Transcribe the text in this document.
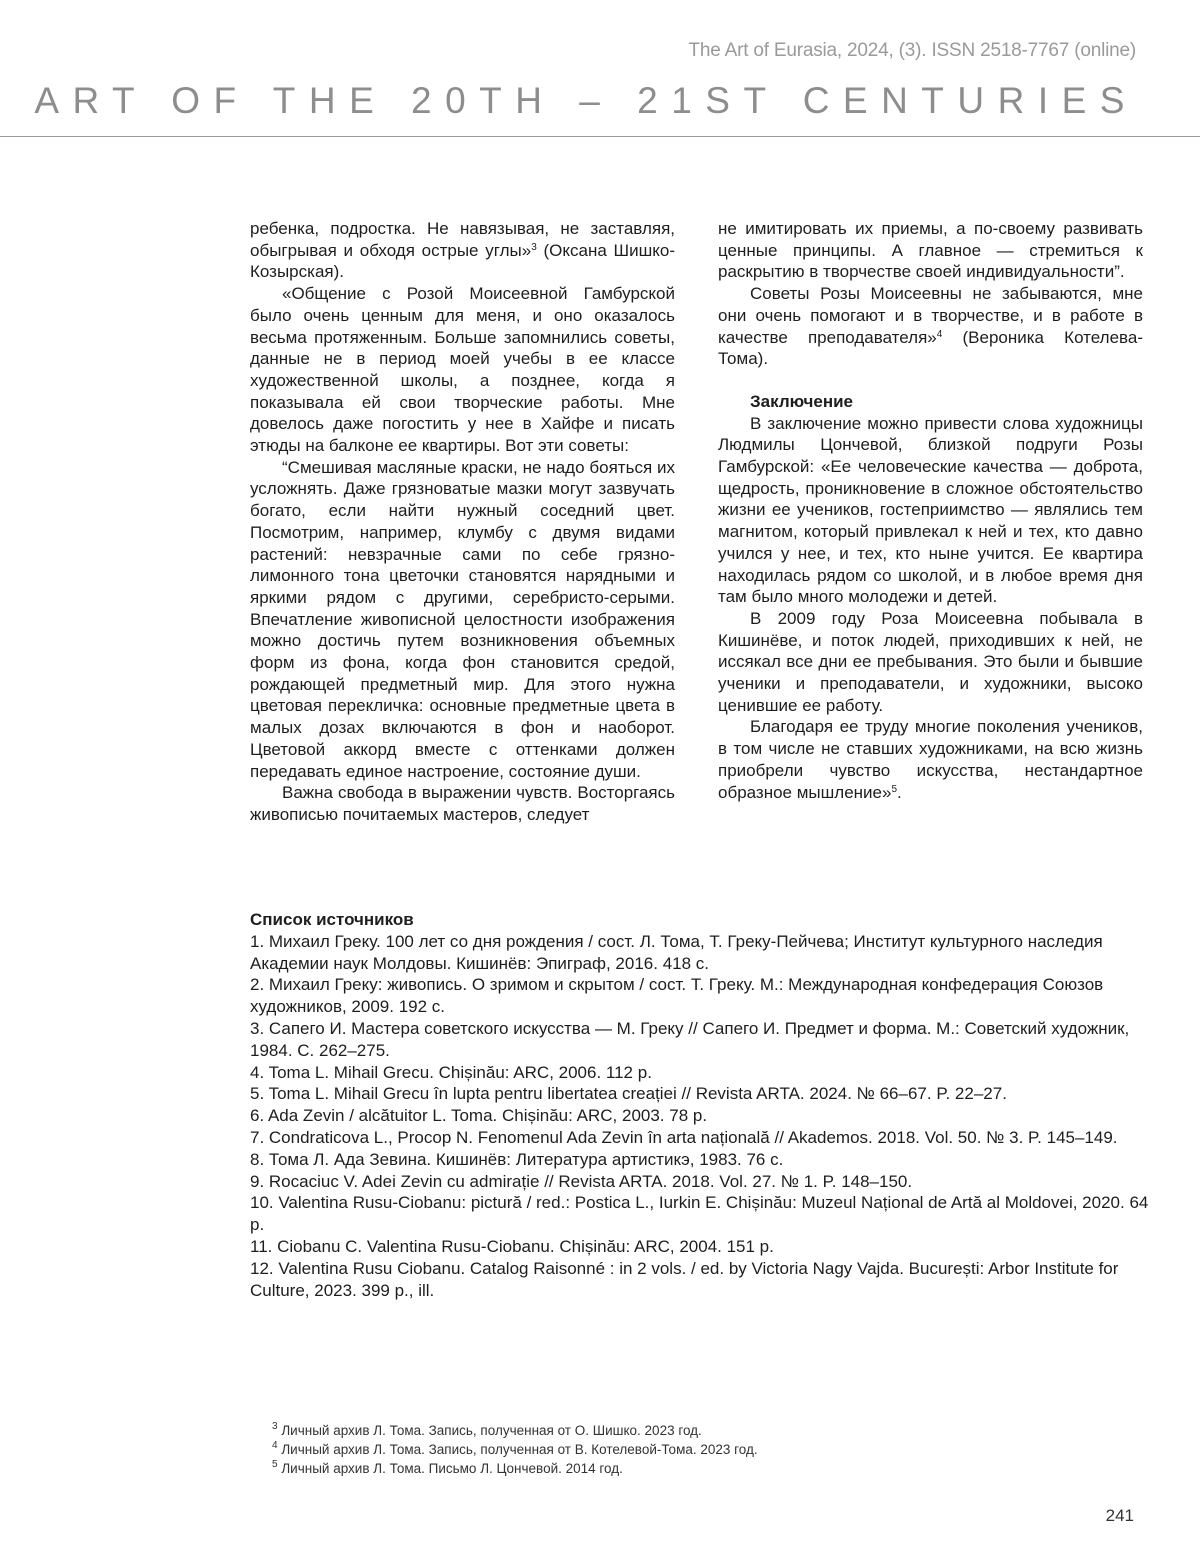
The Art of Eurasia, 2024, (3). ISSN 2518-7767 (online)
ART OF THE 20TH – 21ST CENTURIES

ребенка, подростка. Не навязывая, не заставляя, обыгрывая и обходя острые углы»$^3$ (Оксана Шишко-Козырская).

«Общение с Розой Моисеевной Гамбурской было очень ценным для меня, и оно оказалось весьма протяженным. Больше запомнились советы, данные не в период моей учебы в ее классе художественной школы, а позднее, когда я показывала ей свои творческие работы. Мне довелось даже погостить у нее в Хайфе и писать этюды на балконе ее квартиры. Вот эти советы:

“Смешивая масляные краски, не надо бояться их усложнять. Даже грязноватые мазки могут зазвучать богато, если найти нужный соседний цвет. Посмотрим, например, клумбу с двумя видами растений: невзрачные сами по себе грязно-лимонного тона цветочки становятся нарядными и яркими рядом с другими, серебристо-серыми. Впечатление живописной целостности изображения можно достичь путем возникновения объемных форм из фона, когда фон становится средой, рождающей предметный мир. Для этого нужна цветовая перекличка: основные предметные цвета в малых дозах включаются в фон и наоборот. Цветовой аккорд вместе с оттенками должен передавать единое настроение, состояние души.

Важна свобода в выражении чувств. Восторгаясь живописью почитаемых мастеров, следует

не имитировать их приемы, а по-своему развивать ценные принципы. А главное — стремиться к раскрытию в творчестве своей индивидуальности”.

Советы Розы Моисеевны не забываются, мне они очень помогают и в творчестве, и в работе в качестве преподавателя»$^4$ (Вероника Котелева-Тома).

Заключение

В заключение можно привести слова художницы Людмилы Цончевой, близкой подруги Розы Гамбурской: «Ее человеческие качества — доброта, щедрость, проникновение в сложное обстоятельство жизни ее учеников, гостеприимство — являлись тем магнитом, который привлекал к ней и тех, кто давно учился у нее, и тех, кто ныне учится. Ее квартира находилась рядом со школой, и в любое время дня там было много молодежи и детей.

В 2009 году Роза Моисеевна побывала в Кишинёве, и поток людей, приходивших к ней, не иссякал все дни ее пребывания. Это были и бывшие ученики и преподаватели, и художники, высоко ценившие ее работу.

Благодаря ее труду многие поколения учеников, в том числе не ставших художниками, на всю жизнь приобрели чувство искусства, нестандартное образное мышление»$^5$.

Список источников

1. Михаил Греку. 100 лет со дня рождения / сост. Л. Тома, Т. Греку-Пейчева; Институт культурного наследия Академии наук Молдовы. Кишинёв: Эпиграф, 2016. 418 с.
2. Михаил Греку: живопись. О зримом и скрытом / сост. Т. Греку. М.: Международная конфедерация Союзов художников, 2009. 192 с.
3. Сапего И. Мастера советского искусства — М. Греку // Сапего И. Предмет и форма. М.: Советский художник, 1984. С. 262–275.
4. Toma L. Mihail Grecu. Chișinău: ARC, 2006. 112 p.
5. Toma L. Mihail Grecu în lupta pentru libertatea creației // Revista ARTA. 2024. № 66–67. P. 22–27.
6. Ada Zevin / alcătuitor L. Toma. Chișinău: ARC, 2003. 78 p.
7. Condraticova L., Procop N. Fenomenul Ada Zevin în arta națională // Akademos. 2018. Vol. 50. № 3. P. 145–149.
8. Тома Л. Ада Зевина. Кишинёв: Литература артистикэ, 1983. 76 с.
9. Rocaciuc V. Adei Zevin cu admirație // Revista ARTA. 2018. Vol. 27. № 1. P. 148–150.
10. Valentina Rusu-Ciobanu: pictură / red.: Postica L., Iurkin E. Chișinău: Muzeul Național de Artă al Moldovei, 2020. 64 p.
11. Ciobanu C. Valentina Rusu-Ciobanu. Chișinău: ARC, 2004. 151 p.
12. Valentina Rusu Ciobanu. Catalog Raisonné : in 2 vols. / ed. by Victoria Nagy Vajda. București: Arbor Institute for Culture, 2023. 399 p., ill.
$^3$ Личный архив Л. Тома. Запись, полученная от О. Шишко. 2023 год.
$^4$ Личный архив Л. Тома. Запись, полученная от В. Котелевой-Тома. 2023 год.
$^5$ Личный архив Л. Тома. Письмо Л. Цончевой. 2014 год.
241
